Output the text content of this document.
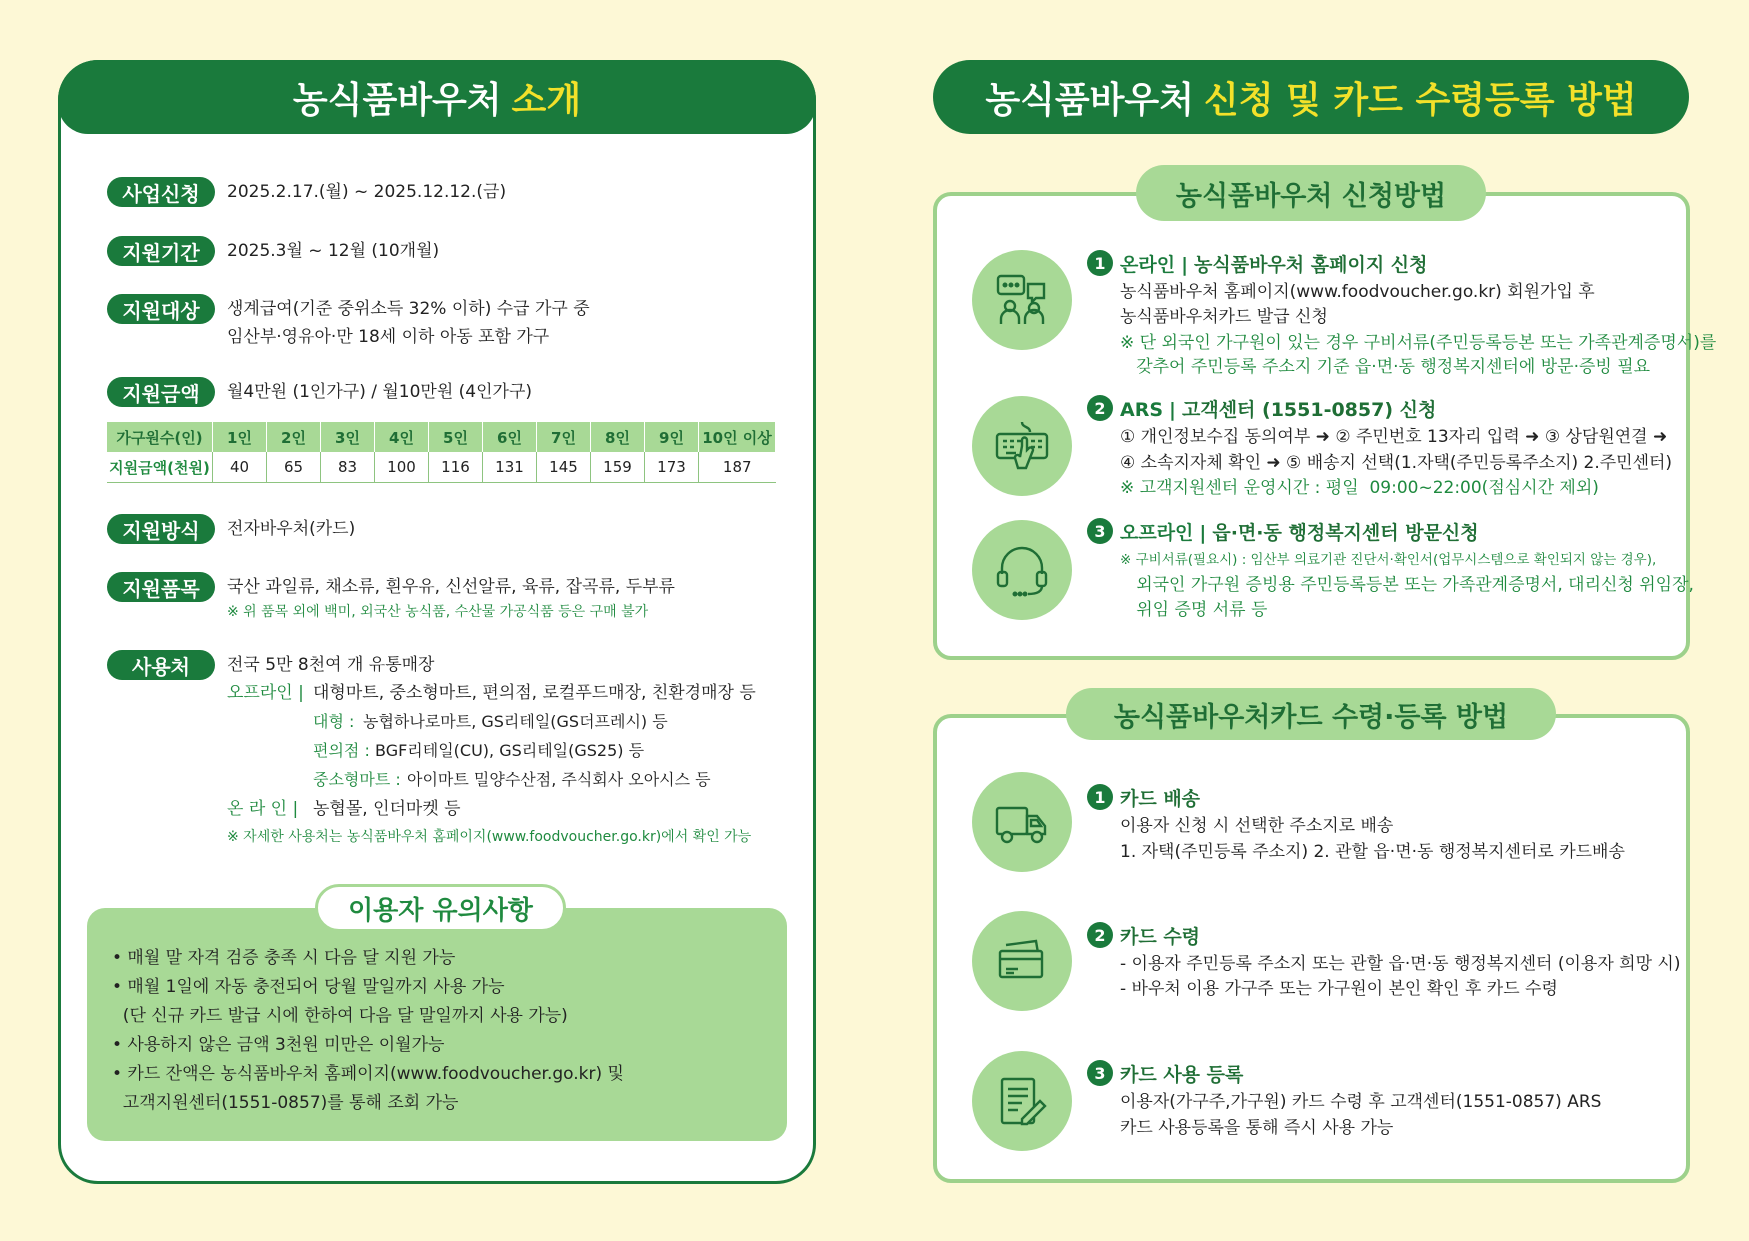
농식품바우처 소개
사업신청	2025.2.17.(월) ~ 2025.12.12.(금)
지원기간	2025.3월 ~ 12월 (10개월)
지원대상	생계급여(기준 중위소득 32% 이하) 수급 가구 중
임산부·영유아·만 18세 이하 아동 포함 가구
지원금액	월4만원 (1인가구) / 월10만원 (4인가구)
가구원수(인)	1인	2인	3인	4인	5인	6인	7인	8인	9인	10인 이상
지원금액(천원)	40	65	83	100	116	131	145	159	173	187
지원방식	전자바우처(카드)
지원품목	국산 과일류, 채소류, 흰우유, 신선알류, 육류, 잡곡류, 두부류
※ 위 품목 외에 백미, 외국산 농식품, 수산물 가공식품 등은 구매 불가
사용처	전국 5만 8천여 개 유통매장
오프라인 | 대형마트, 중소형마트, 편의점, 로컬푸드매장, 친환경매장 등
대형 : 농협하나로마트, GS리테일(GS더프레시) 등
편의점 : BGF리테일(CU), GS리테일(GS25) 등
중소형마트 : 아이마트 밀양수산점, 주식회사 오아시스 등
온 라 인 | 농협몰, 인더마켓 등
※ 자세한 사용처는 농식품바우처 홈페이지(www.foodvoucher.go.kr)에서 확인 가능
이용자 유의사항
• 매월 말 자격 검증 충족 시 다음 달 지원 가능
• 매월 1일에 자동 충전되어 당월 말일까지 사용 가능
(단 신규 카드 발급 시에 한하여 다음 달 말일까지 사용 가능)
• 사용하지 않은 금액 3천원 미만은 이월가능
• 카드 잔액은 농식품바우처 홈페이지(www.foodvoucher.go.kr) 및
고객지원센터(1551-0857)를 통해 조회 가능
농식품바우처 신청 및 카드 수령등록 방법
농식품바우처 신청방법
1 온라인 | 농식품바우처 홈페이지 신청
농식품바우처 홈페이지(www.foodvoucher.go.kr) 회원가입 후
농식품바우처카드 발급 신청
※ 단 외국인 가구원이 있는 경우 구비서류(주민등록등본 또는 가족관계증명서)를
갖추어 주민등록 주소지 기준 읍·면·동 행정복지센터에 방문·증빙 필요
2 ARS | 고객센터 (1551-0857) 신청
① 개인정보수집 동의여부 ➜ ② 주민번호 13자리 입력 ➜ ③ 상담원연결 ➜
④ 소속지자체 확인 ➜ ⑤ 배송지 선택(1.자택(주민등록주소지) 2.주민센터)
※ 고객지원센터 운영시간 : 평일  09:00~22:00(점심시간 제외)
3 오프라인 | 읍·면·동 행정복지센터 방문신청
※ 구비서류(필요시) : 임산부 의료기관 진단서·확인서(업무시스템으로 확인되지 않는 경우),
외국인 가구원 증빙용 주민등록등본 또는 가족관계증명서, 대리신청 위임장,
위임 증명 서류 등
농식품바우처카드 수령·등록 방법
1 카드 배송
이용자 신청 시 선택한 주소지로 배송
1. 자택(주민등록 주소지) 2. 관할 읍·면·동 행정복지센터로 카드배송
2 카드 수령
- 이용자 주민등록 주소지 또는 관할 읍·면·동 행정복지센터 (이용자 희망 시)
- 바우처 이용 가구주 또는 가구원이 본인 확인 후 카드 수령
3 카드 사용 등록
이용자(가구주,가구원) 카드 수령 후 고객센터(1551-0857) ARS
카드 사용등록을 통해 즉시 사용 가능
